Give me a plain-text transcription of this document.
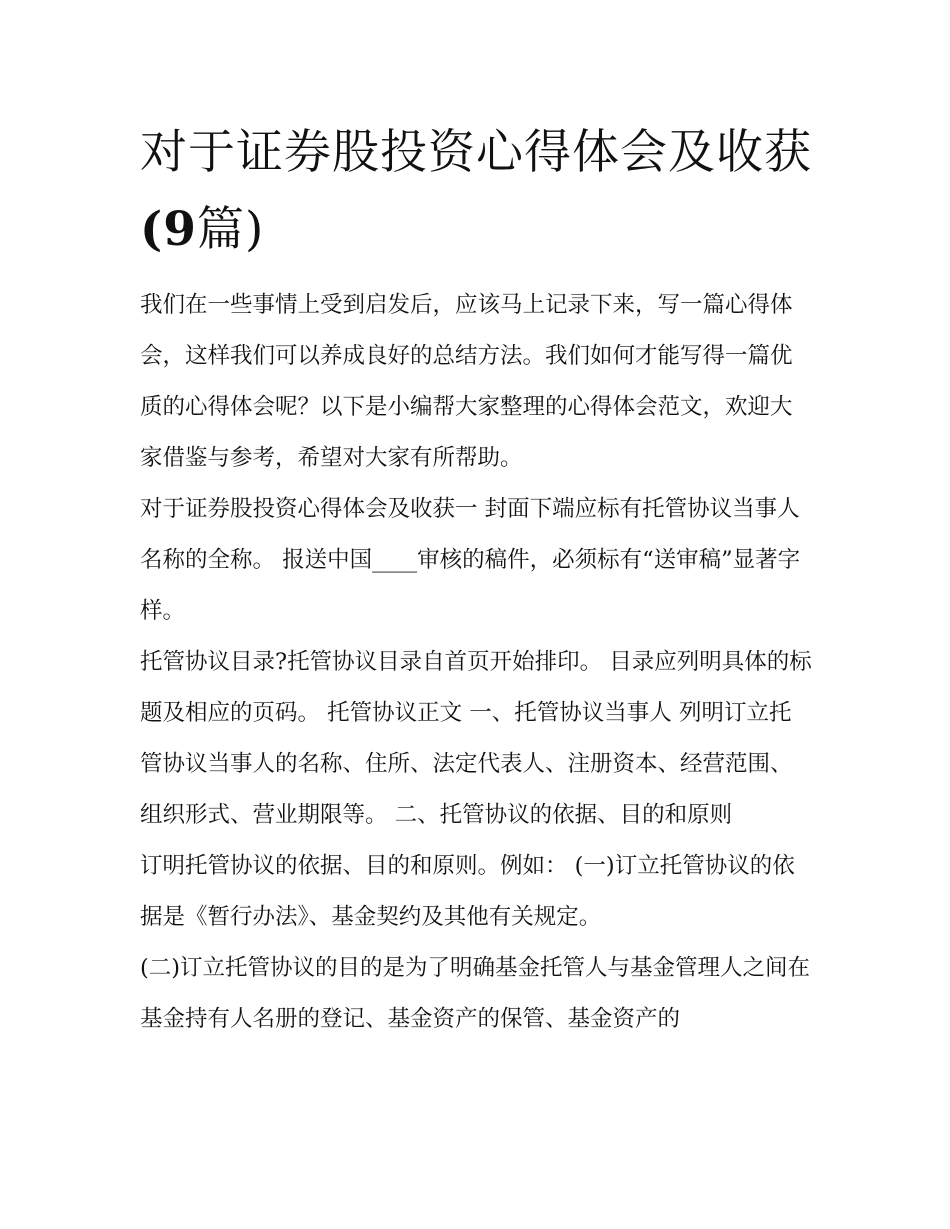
对于证券股投资心得体会及收获(9篇)

我们在一些事情上受到启发后，应该马上记录下来，写一篇心得体会，这样我们可以养成良好的总结方法。我们如何才能写得一篇优质的心得体会呢？以下是小编帮大家整理的心得体会范文，欢迎大家借鉴与参考，希望对大家有所帮助。

对于证券股投资心得体会及收获一 封面下端应标有托管协议当事人名称的全称。 报送中国____审核的稿件，必须标有“送审稿”显著字样。

托管协议目录?托管协议目录自首页开始排印。 目录应列明具体的标题及相应的页码。 托管协议正文 一、托管协议当事人 列明订立托管协议当事人的名称、住所、法定代表人、注册资本、经营范围、组织形式、营业期限等。 二、托管协议的依据、目的和原则

订明托管协议的依据、目的和原则。例如： (一)订立托管协议的依据是《暂行办法》、基金契约及其他有关规定。

(二)订立托管协议的目的是为了明确基金托管人与基金管理人之间在基金持有人名册的登记、基金资产的保管、基金资产的
